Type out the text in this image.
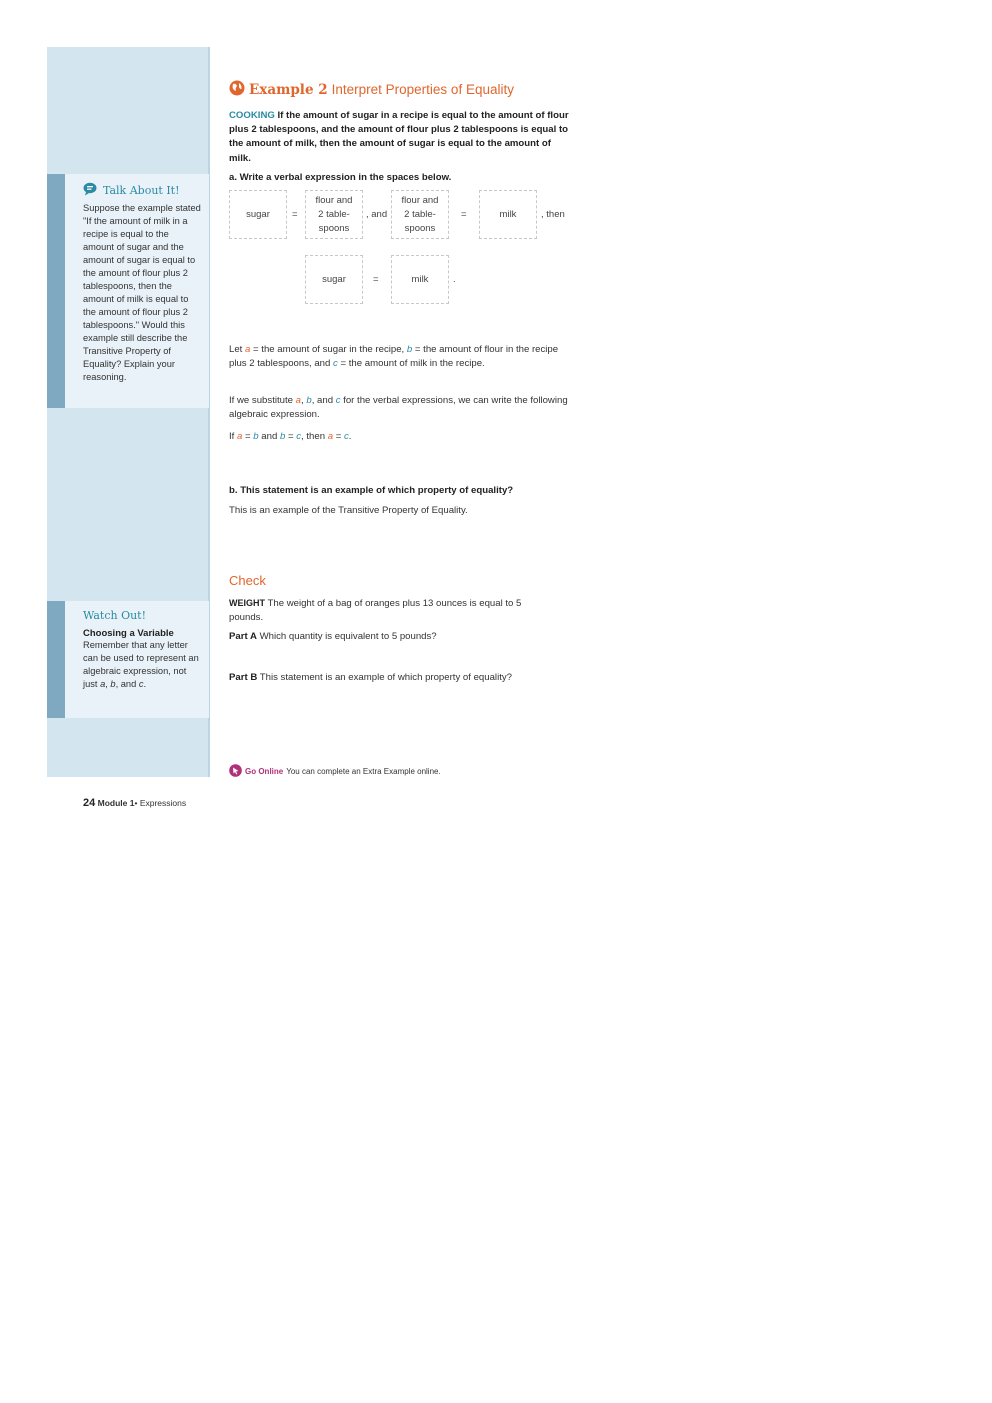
Talk About It!
Suppose the example stated "If the amount of milk in a recipe is equal to the amount of sugar and the amount of sugar is equal to the amount of flour plus 2 tablespoons, then the amount of milk is equal to the amount of flour plus 2 tablespoons." Would this example still describe the Transitive Property of Equality? Explain your reasoning.
Watch Out!
Choosing a Variable
Remember that any letter can be used to represent an algebraic expression, not just a, b, and c.
Example 2 Interpret Properties of Equality
COOKING If the amount of sugar in a recipe is equal to the amount of flour plus 2 tablespoons, and the amount of flour plus 2 tablespoons is equal to the amount of milk, then the amount of sugar is equal to the amount of milk.
a. Write a verbal expression in the spaces below.
sugar	=
flour and 2 table- spoons
, and
flour and 2 table- spoons
=	milk	, then
sugar	=	milk	.
Let a = the amount of sugar in the recipe, b = the amount of flour in the recipe plus 2 tablespoons, and c = the amount of milk in the recipe.
If we substitute a, b, and c for the verbal expressions, we can write the following algebraic expression.
If a = b and b = c, then a = c.
b. This statement is an example of which property of equality?
This is an example of the Transitive Property of Equality.
Check
WEIGHT The weight of a bag of oranges plus 13 ounces is equal to 5 pounds.
Part A Which quantity is equivalent to 5 pounds?
Part B This statement is an example of which property of equality?
Go Online You can complete an Extra Example online.
24 Module 1• Expressions
